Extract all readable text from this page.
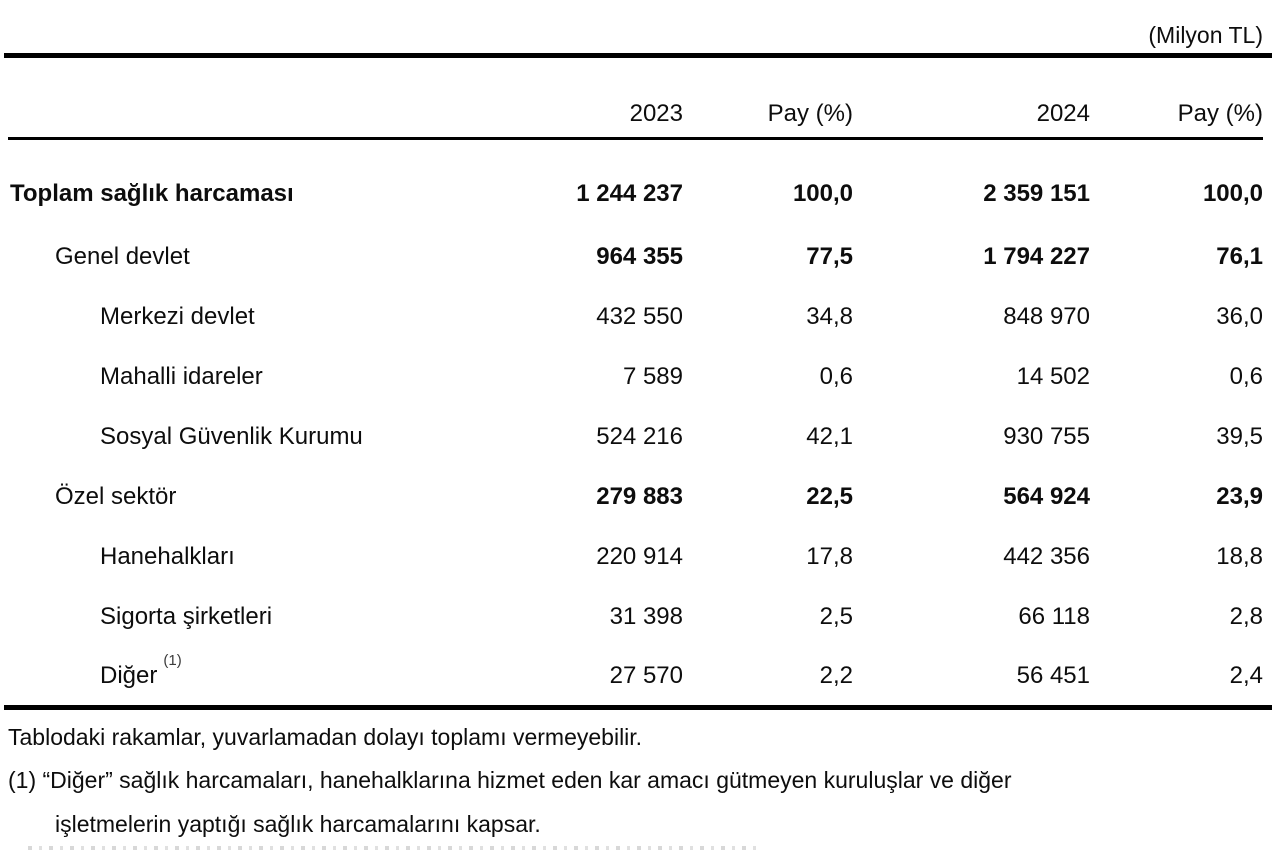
(Milyon TL)
	2023	Pay (%)	2024	Pay (%)
Toplam sağlık harcaması	1 244 237	100,0	2 359 151	100,0
Genel devlet	964 355	77,5	1 794 227	76,1
Merkezi devlet	432 550	34,8	848 970	36,0
Mahalli idareler	7 589	0,6	14 502	0,6
Sosyal Güvenlik Kurumu	524 216	42,1	930 755	39,5
Özel sektör	279 883	22,5	564 924	23,9
Hanehalkları	220 914	17,8	442 356	18,8
Sigorta şirketleri	31 398	2,5	66 118	2,8
Diğer$^{(1)}$	27 570	2,2	56 451	2,4

Tablodaki rakamlar, yuvarlamadan dolayı toplamı vermeyebilir.

(1) “Diğer” sağlık harcamaları, hanehalklarına hizmet eden kar amacı gütmeyen kuruluşlar ve diğer

işletmelerin yaptığı sağlık harcamalarını kapsar.
